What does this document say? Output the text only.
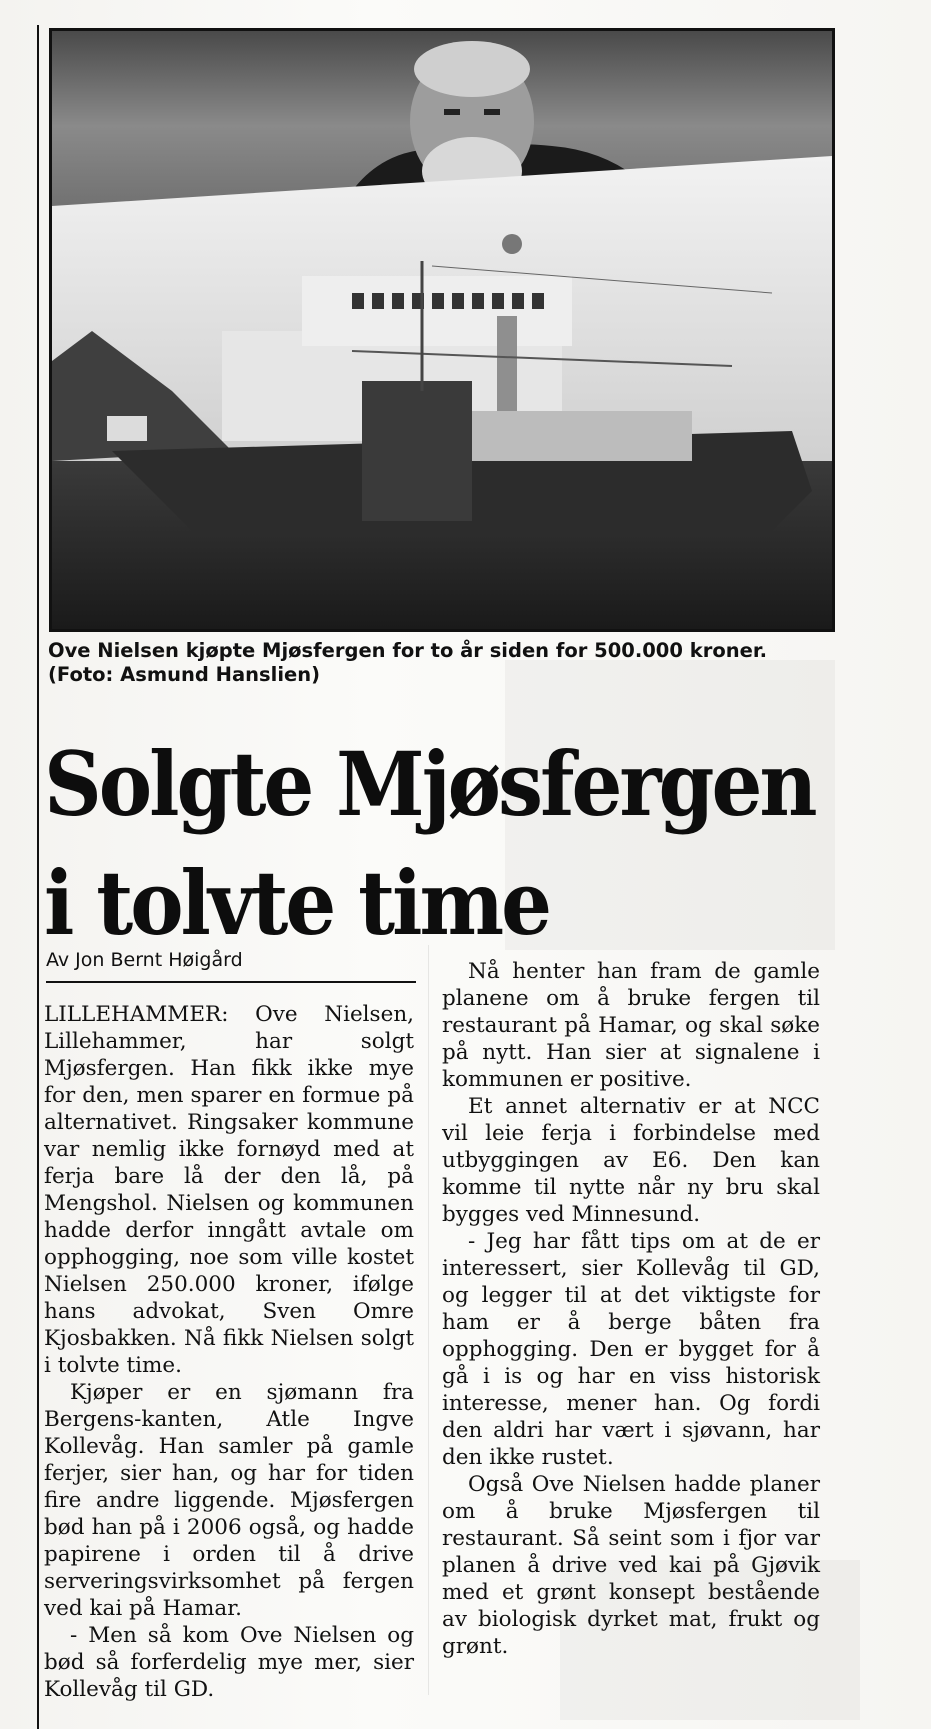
Ove Nielsen kjøpte Mjøsfergen for to år siden for 500.000 kroner. (Foto: Asmund Hanslien)
Solgte Mjøsfergen
i tolvte time
Av Jon Bernt Høigård

LILLEHAMMER: Ove Nielsen, Lillehammer, har solgt Mjøsfergen. Han fikk ikke mye for den, men sparer en formue på alternativet. Ringsaker kommune var nemlig ikke fornøyd med at ferja bare lå der den lå, på Mengshol. Nielsen og kommunen hadde derfor inngått avtale om opphogging, noe som ville kostet Nielsen 250.000 kroner, ifølge hans advokat, Sven Omre Kjosbakken. Nå fikk Nielsen solgt i tolvte time.

Kjøper er en sjømann fra Bergens-kanten, Atle Ingve Kollevåg. Han samler på gamle ferjer, sier han, og har for tiden fire andre liggende. Mjøsfergen bød han på i 2006 også, og hadde papirene i orden til å drive serveringsvirksomhet på fergen ved kai på Hamar.

- Men så kom Ove Nielsen og bød så forferdelig mye mer, sier Kollevåg til GD.

Nå henter han fram de gamle planene om å bruke fergen til restaurant på Hamar, og skal søke på nytt. Han sier at signalene i kommunen er positive.

Et annet alternativ er at NCC vil leie ferja i forbindelse med utbyggingen av E6. Den kan komme til nytte når ny bru skal bygges ved Minnesund.

- Jeg har fått tips om at de er interessert, sier Kollevåg til GD, og legger til at det viktigste for ham er å berge båten fra opphogging. Den er bygget for å gå i is og har en viss historisk interesse, mener han. Og fordi den aldri har vært i sjøvann, har den ikke rustet.

Også Ove Nielsen hadde planer om å bruke Mjøsfergen til restaurant. Så seint som i fjor var planen å drive ved kai på Gjøvik med et grønt konsept bestående av biologisk dyrket mat, frukt og grønt.
